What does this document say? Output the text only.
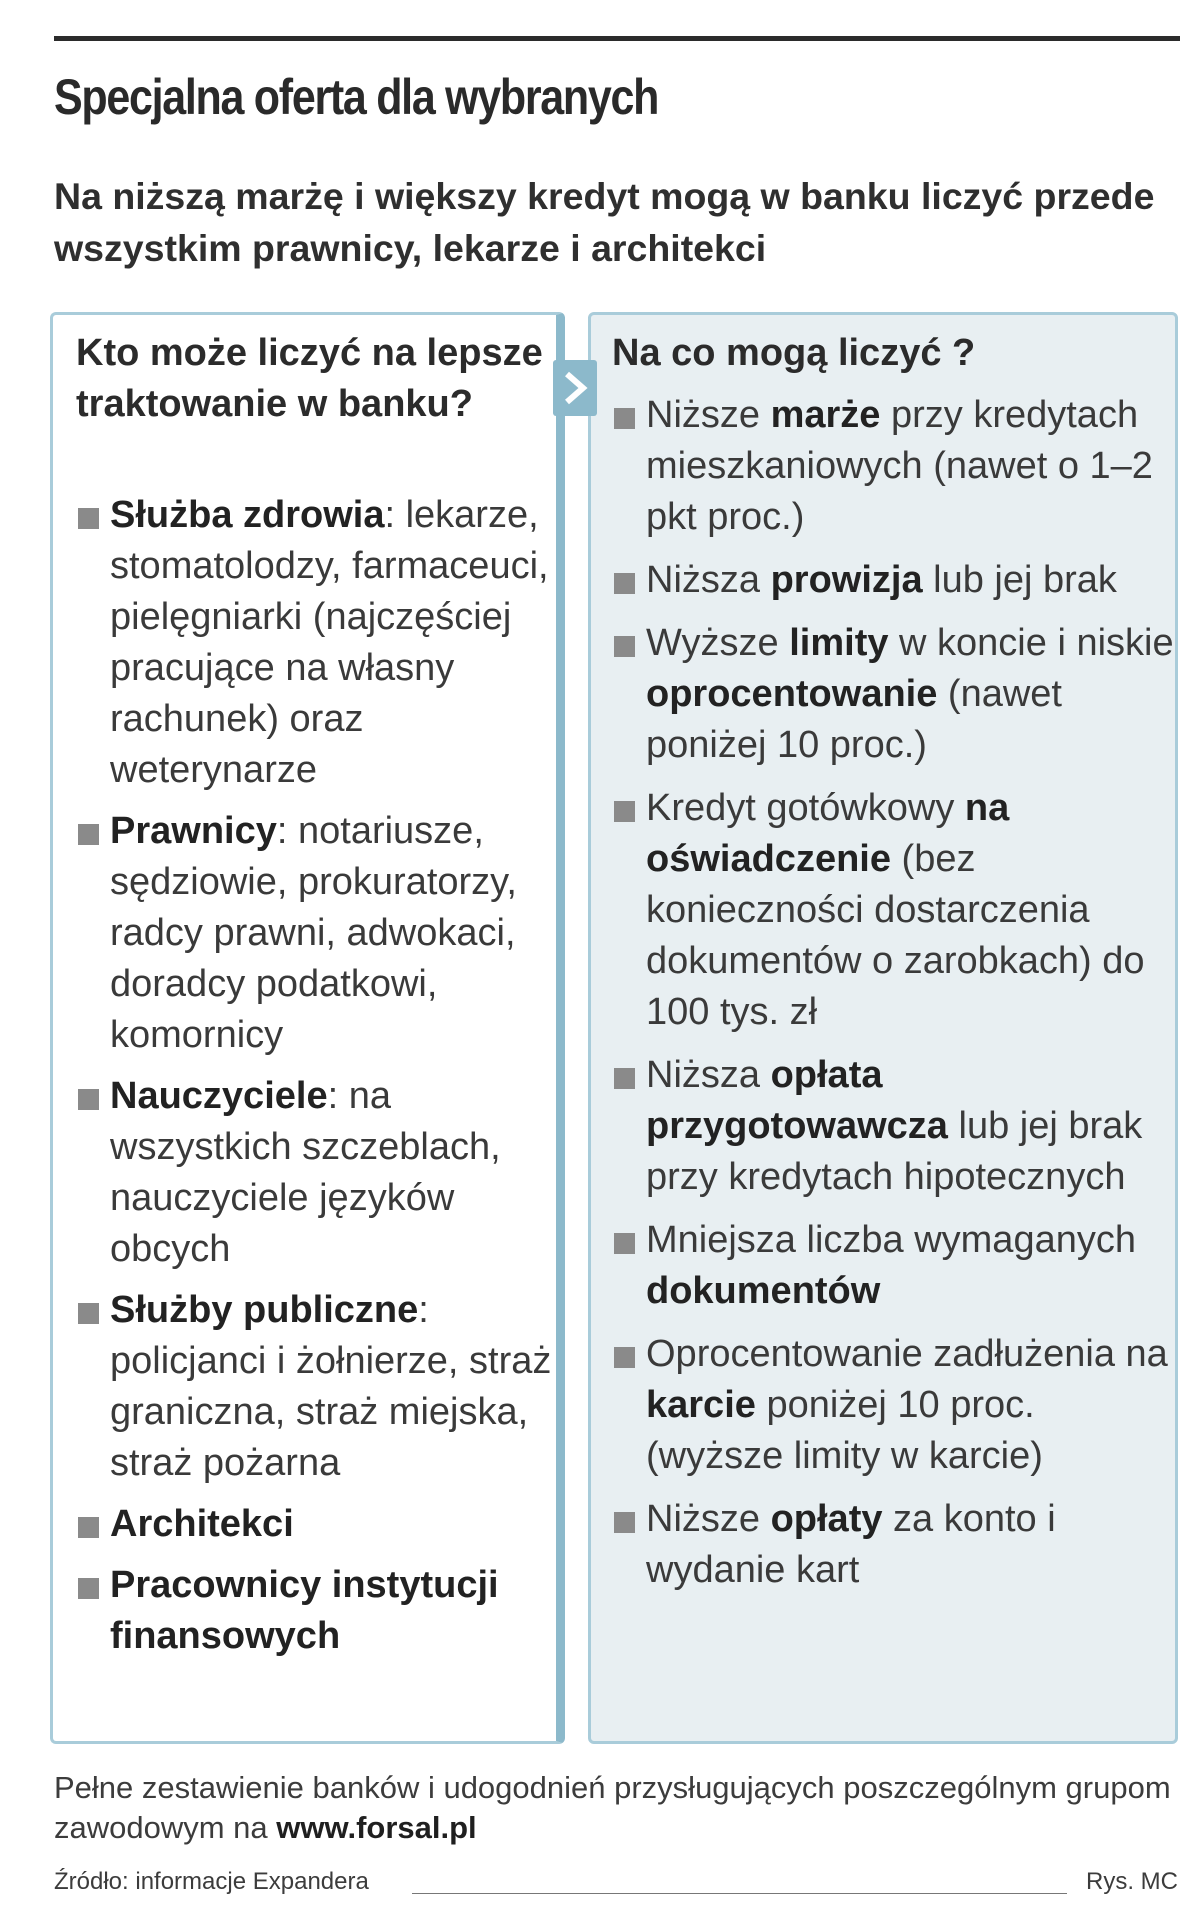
Specjalna oferta dla wybranych

Na niższą marżę i większy kredyt mogą w banku liczyć przede wszystkim prawnicy, lekarze i architekci

Kto może liczyć na lepsze traktowanie w banku?
Służba zdrowia: lekarze, stomatolodzy, farmaceuci, pielęgniarki (najczęściej pracujące na własny rachunek) oraz weterynarze
Prawnicy: notariusze, sędziowie, prokuratorzy, radcy prawni, adwokaci, doradcy podatkowi, komornicy
Nauczyciele: na wszystkich szczeblach, nauczyciele języków obcych
Służby publiczne: policjanci i żołnierze, straż graniczna, straż miejska, straż pożarna
Architekci
Pracownicy instytucji finansowych
Na co mogą liczyć ?
Niższe marże przy kredytach mieszkaniowych (nawet o 1–2 pkt proc.)
Niższa prowizja lub jej brak
Wyższe limity w koncie i niskie oprocentowanie (nawet poniżej 10 proc.)
Kredyt gotówkowy na oświadczenie (bez konieczności dostarczenia dokumentów o zarobkach) do 100 tys. zł
Niższa opłata przygotowawcza lub jej brak przy kredytach hipotecznych
Mniejsza liczba wymaganych dokumentów
Oprocentowanie zadłużenia na karcie poniżej 10 proc. (wyższe limity w karcie)
Niższe opłaty za konto i wydanie kart

Pełne zestawienie banków i udogodnień przysługujących poszczególnym grupom zawodowym na www.forsal.pl

Źródło: informacje Expandera	Rys. MC
